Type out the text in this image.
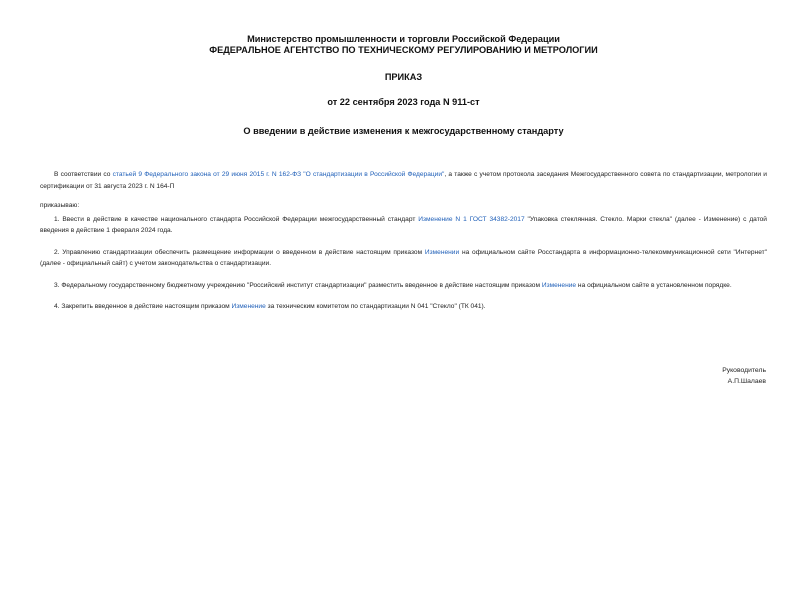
Министерство промышленности и торговли Российской Федерации
ФЕДЕРАЛЬНОЕ АГЕНТСТВО ПО ТЕХНИЧЕСКОМУ РЕГУЛИРОВАНИЮ И МЕТРОЛОГИИ
ПРИКАЗ
от 22 сентября 2023 года N 911-ст
О введении в действие изменения к межгосударственному стандарту

В соответствии со статьей 9 Федерального закона от 29 июня 2015 г. N 162-ФЗ "О стандартизации в Российской Федерации", а также с учетом протокола заседания Межгосударственного совета по стандартизации, метрологии и сертификации от 31 августа 2023 г. N 164-П

приказываю:

1. Ввести в действие в качестве национального стандарта Российской Федерации межгосударственный стандарт Изменение N 1 ГОСТ 34382-2017 "Упаковка стеклянная. Стекло. Марки стекла" (далее - Изменение) с датой введения в действие 1 февраля 2024 года.

2. Управлению стандартизации обеспечить размещение информации о введенном в действие настоящим приказом Изменении на официальном сайте Росстандарта в информационно-телекоммуникационной сети "Интернет" (далее - официальный сайт) с учетом законодательства о стандартизации.

3. Федеральному государственному бюджетному учреждению "Российский институт стандартизации" разместить введенное в действие настоящим приказом Изменение на официальном сайте в установленном порядке.

4. Закрепить введенное в действие настоящим приказом Изменение за техническим комитетом по стандартизации N 041 "Стекло" (ТК 041).

Руководитель
А.П.Шалаев
